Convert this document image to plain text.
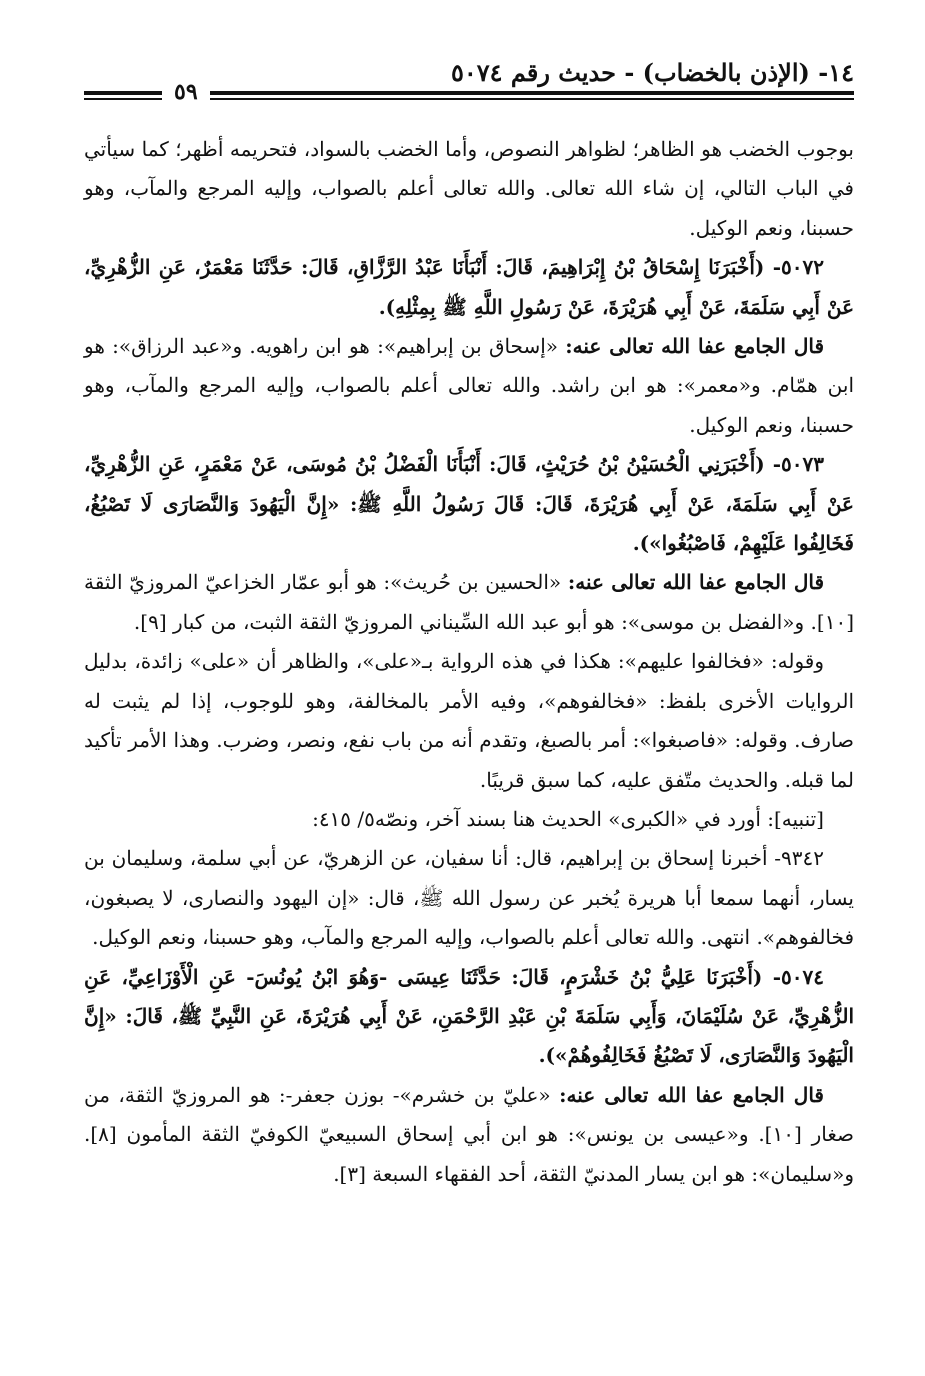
١٤- (الإذن بالخضاب) - حديث رقم ٥٠٧٤
٥٩

بوجوب الخضب هو الظاهر؛ لظواهر النصوص، وأما الخضب بالسواد، فتحريمه أظهر؛ كما سيأتي في الباب التالي، إن شاء الله تعالى. والله تعالى أعلم بالصواب، وإليه المرجع والمآب، وهو حسبنا، ونعم الوكيل.

٥٠٧٢- (أَخْبَرَنَا إِسْحَاقُ بْنُ إِبْرَاهِيمَ، قَالَ: أَنْبَأَنَا عَبْدُ الرَّزَّاقِ، قَالَ: حَدَّثَنَا مَعْمَرٌ، عَنِ الزُّهْرِيِّ، عَنْ أَبِي سَلَمَةَ، عَنْ أَبِي هُرَيْرَةَ، عَنْ رَسُولِ اللَّهِ ﷺ بِمِثْلِهِ).

قال الجامع عفا الله تعالى عنه: «إسحاق بن إبراهيم»: هو ابن راهويه. و«عبد الرزاق»: هو ابن همّام. و«معمر»: هو ابن راشد. والله تعالى أعلم بالصواب، وإليه المرجع والمآب، وهو حسبنا، ونعم الوكيل.

٥٠٧٣- (أَخْبَرَنِي الْحُسَيْنُ بْنُ حُرَيْثٍ، قَالَ: أَنْبَأَنَا الْفَضْلُ بْنُ مُوسَى، عَنْ مَعْمَرٍ، عَنِ الزُّهْرِيِّ، عَنْ أَبِي سَلَمَةَ، عَنْ أَبِي هُرَيْرَةَ، قَالَ: قَالَ رَسُولُ اللَّهِ ﷺ: «إِنَّ الْيَهُودَ وَالنَّصَارَى لَا تَصْبُغُ، فَخَالِفُوا عَلَيْهِمْ، فَاصْبُغُوا»).

قال الجامع عفا الله تعالى عنه: «الحسين بن حُريث»: هو أبو عمّار الخزاعيّ المروزيّ الثقة [١٠]. و«الفضل بن موسى»: هو أبو عبد الله السِّيناني المروزيّ الثقة الثبت، من كبار [٩].

وقوله: «فخالفوا عليهم»: هكذا في هذه الرواية بـ«على»، والظاهر أن «على» زائدة، بدليل الروايات الأخرى بلفظ: «فخالفوهم»، وفيه الأمر بالمخالفة، وهو للوجوب، إذا لم يثبت له صارف. وقوله: «فاصبغوا»: أمر بالصبغ، وتقدم أنه من باب نفع، ونصر، وضرب. وهذا الأمر تأكيد لما قبله. والحديث متّفق عليه، كما سبق قريبًا.

[تنبيه]: أورد في «الكبرى» الحديث هنا بسند آخر، ونصّه٥/ ٤١٥:

٩٣٤٢- أخبرنا إسحاق بن إبراهيم، قال: أنا سفيان، عن الزهريّ، عن أبي سلمة، وسليمان بن يسار، أنهما سمعا أبا هريرة يُخبر عن رسول الله ﷺ، قال: «إن اليهود والنصارى، لا يصبغون، فخالفوهم». انتهى. والله تعالى أعلم بالصواب، وإليه المرجع والمآب، وهو حسبنا، ونعم الوكيل.

٥٠٧٤- (أَخْبَرَنَا عَلِيُّ بْنُ خَشْرَمٍ، قَالَ: حَدَّثَنَا عِيسَى -وَهُوَ ابْنُ يُونُسَ- عَنِ الْأَوْزَاعِيِّ، عَنِ الزُّهْرِيِّ، عَنْ سُلَيْمَانَ، وَأَبِي سَلَمَةَ بْنِ عَبْدِ الرَّحْمَنِ، عَنْ أَبِي هُرَيْرَةَ، عَنِ النَّبِيِّ ﷺ، قَالَ: «إِنَّ الْيَهُودَ وَالنَّصَارَى، لَا تَصْبُغُ فَخَالِفُوهُمْ»).

قال الجامع عفا الله تعالى عنه: «عليّ بن خشرم»- بوزن جعفر-: هو المروزيّ الثقة، من صغار [١٠]. و«عيسى بن يونس»: هو ابن أبي إسحاق السبيعيّ الكوفيّ الثقة المأمون [٨]. و«سليمان»: هو ابن يسار المدنيّ الثقة، أحد الفقهاء السبعة [٣].
